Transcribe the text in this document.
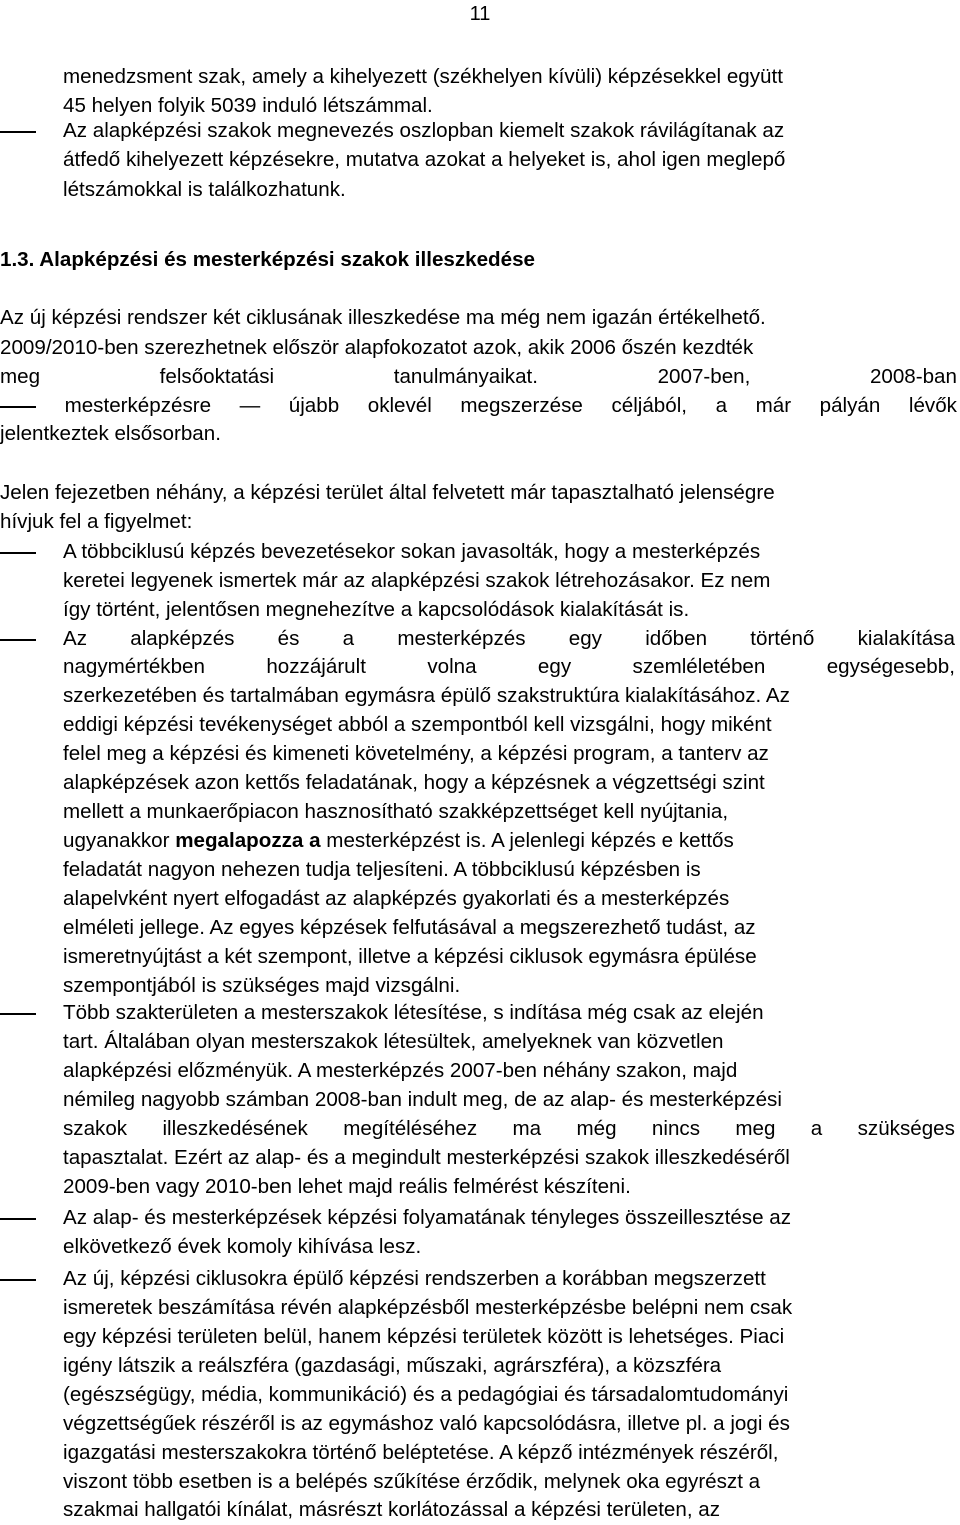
11
menedzsment szak, amely a kihelyezett (székhelyen kívüli) képzésekkel együtt
45 helyen folyik 5039 induló létszámmal.
Az alapképzési szakok megnevezés oszlopban kiemelt szakok rávilágítanak az
átfedő kihelyezett képzésekre, mutatva azokat a helyeket is, ahol igen meglepő
létszámokkal is találkozhatunk.
1.3. Alapképzési és mesterképzési szakok illeszkedése
Az új képzési rendszer két ciklusának illeszkedése ma még nem igazán értékelhető.
2009/2010-ben szerezhetnek először alapfokozatot azok, akik 2006 őszén kezdték
meg	felsőoktatási	tanulmányaikat.	2007-ben,	2008-ban
mesterképzésre — újabb oklevél megszerzése céljából, a már pályán lévők
jelentkeztek elsősorban.
Jelen fejezetben néhány, a képzési terület által felvetett már tapasztalható jelenségre
hívjuk fel a figyelmet:
A többciklusú képzés bevezetésekor sokan javasolták, hogy a mesterképzés
keretei legyenek ismertek már az alapképzési szakok létrehozásakor. Ez nem
így történt, jelentősen megnehezítve a kapcsolódások kialakítását is.
Az alapképzés és a mesterképzés egy időben történő kialakítása
nagymértékben	hozzájárult	volna	egy	szemléletében	egységesebb,
szerkezetében és tartalmában egymásra épülő szakstruktúra kialakításához. Az
eddigi képzési tevékenységet abból a szempontból kell vizsgálni, hogy miként
felel meg a képzési és kimeneti követelmény, a képzési program, a tanterv az
alapképzések azon kettős feladatának, hogy a képzésnek a végzettségi szint
mellett a munkaerőpiacon hasznosítható szakképzettséget kell nyújtania,
ugyanakkor megalapozza a mesterképzést is. A jelenlegi képzés e kettős
feladatát nagyon nehezen tudja teljesíteni. A többciklusú képzésben is
alapelvként nyert elfogadást az alapképzés gyakorlati és a mesterképzés
elméleti jellege. Az egyes képzések felfutásával a megszerezhető tudást, az
ismeretnyújtást a két szempont, illetve a képzési ciklusok egymásra épülése
szempontjából is szükséges majd vizsgálni.
Több szakterületen a mesterszakok létesítése, s indítása még csak az elején
tart. Általában olyan mesterszakok létesültek, amelyeknek van közvetlen
alapképzési előzményük. A mesterképzés 2007-ben néhány szakon, majd
némileg nagyobb számban 2008-ban indult meg, de az alap- és mesterképzési
szakok illeszkedésének megítéléséhez ma még nincs meg a szükséges
tapasztalat. Ezért az alap- és a megindult mesterképzési szakok illeszkedéséről
2009-ben vagy 2010-ben lehet majd reális felmérést készíteni.
Az alap- és mesterképzések képzési folyamatának tényleges összeillesztése az
elkövetkező évek komoly kihívása lesz.
Az új, képzési ciklusokra épülő képzési rendszerben a korábban megszerzett
ismeretek beszámítása révén alapképzésből mesterképzésbe belépni nem csak
egy képzési területen belül, hanem képzési területek között is lehetséges. Piaci
igény látszik a reálszféra (gazdasági, műszaki, agrárszféra), a közszféra
(egészségügy, média, kommunikáció) és a pedagógiai és társadalomtudományi
végzettségűek részéről is az egymáshoz való kapcsolódásra, illetve pl. a jogi és
igazgatási mesterszakokra történő beléptetése. A képző intézmények részéről,
viszont több esetben is a belépés szűkítése érződik, melynek oka egyrészt a
szakmai hallgatói kínálat, másrészt korlátozással a képzési területen, az
